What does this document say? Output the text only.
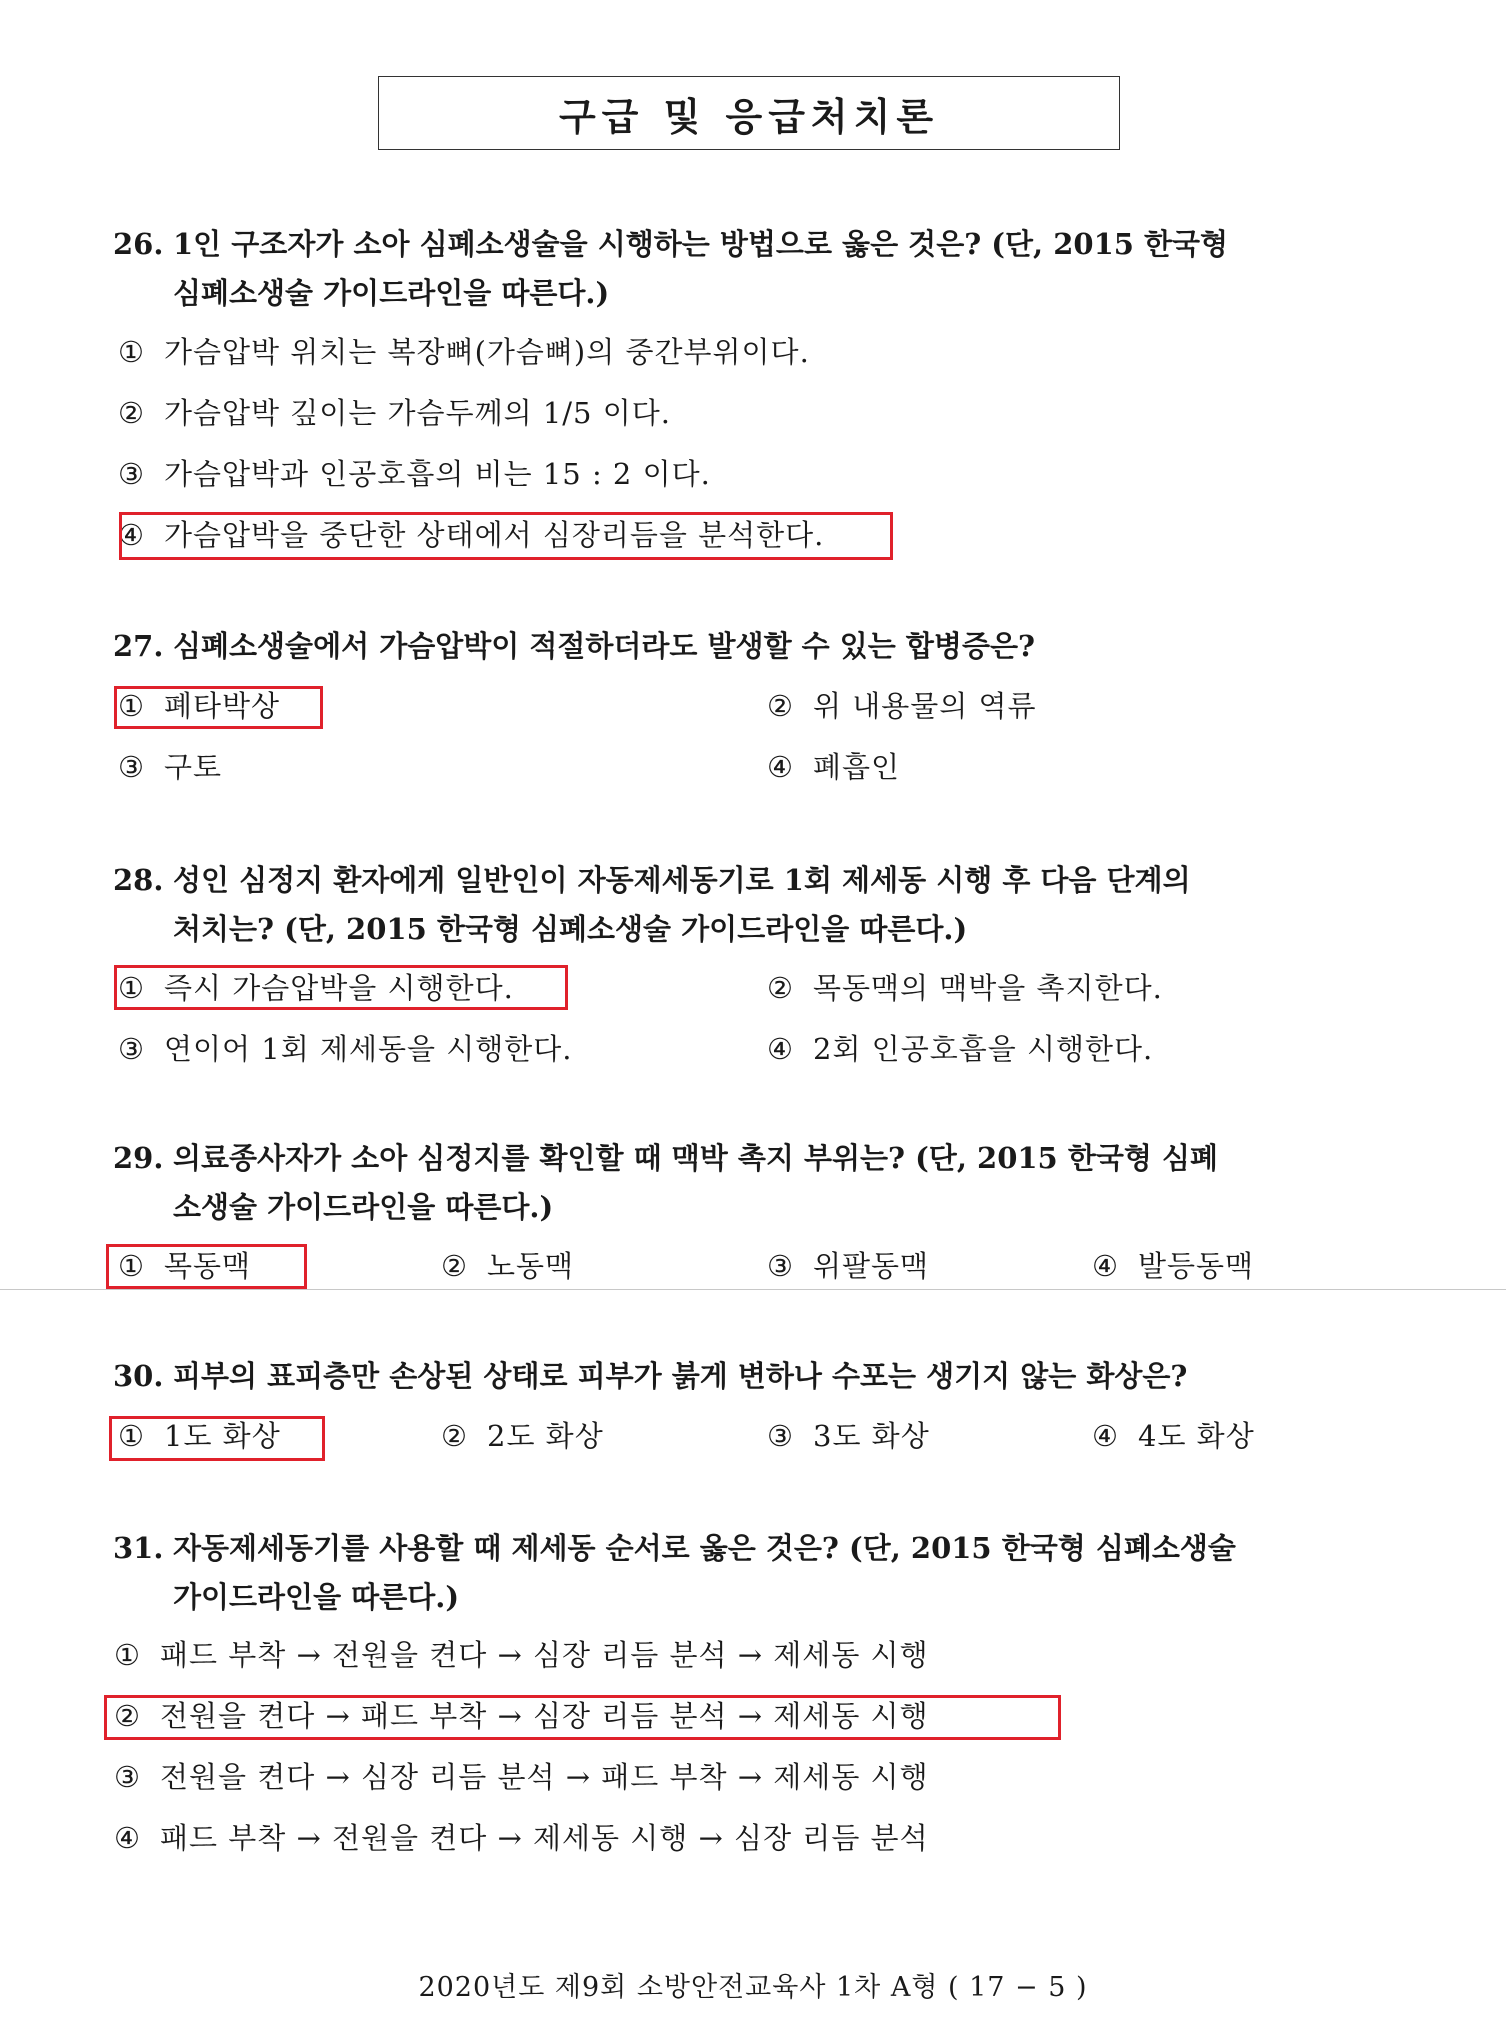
구급 및 응급처치론
26. 1인 구조자가 소아 심폐소생술을 시행하는 방법으로 옳은 것은? (단, 2015 한국형
심폐소생술 가이드라인을 따른다.)
① 가슴압박 위치는 복장뼈(가슴뼈)의 중간부위이다.
② 가슴압박 깊이는 가슴두께의 1/5 이다.
③ 가슴압박과 인공호흡의 비는 15 : 2 이다.
④ 가슴압박을 중단한 상태에서 심장리듬을 분석한다.
27. 심폐소생술에서 가슴압박이 적절하더라도 발생할 수 있는 합병증은?
① 폐타박상	② 위 내용물의 역류
③ 구토	④ 폐흡인
28. 성인 심정지 환자에게 일반인이 자동제세동기로 1회 제세동 시행 후 다음 단계의
처치는? (단, 2015 한국형 심폐소생술 가이드라인을 따른다.)
① 즉시 가슴압박을 시행한다.	② 목동맥의 맥박을 촉지한다.
③ 연이어 1회 제세동을 시행한다.	④ 2회 인공호흡을 시행한다.
29. 의료종사자가 소아 심정지를 확인할 때 맥박 촉지 부위는? (단, 2015 한국형 심폐
소생술 가이드라인을 따른다.)
① 목동맥	② 노동맥	③ 위팔동맥	④ 발등동맥
30. 피부의 표피층만 손상된 상태로 피부가 붉게 변하나 수포는 생기지 않는 화상은?
① 1도 화상	② 2도 화상	③ 3도 화상	④ 4도 화상
31. 자동제세동기를 사용할 때 제세동 순서로 옳은 것은? (단, 2015 한국형 심폐소생술
가이드라인을 따른다.)
① 패드 부착 → 전원을 켠다 → 심장 리듬 분석 → 제세동 시행
② 전원을 켠다 → 패드 부착 → 심장 리듬 분석 → 제세동 시행
③ 전원을 켠다 → 심장 리듬 분석 → 패드 부착 → 제세동 시행
④ 패드 부착 → 전원을 켠다 → 제세동 시행 → 심장 리듬 분석
2020년도 제9회 소방안전교육사 1차 A형 ( 17 − 5 )
